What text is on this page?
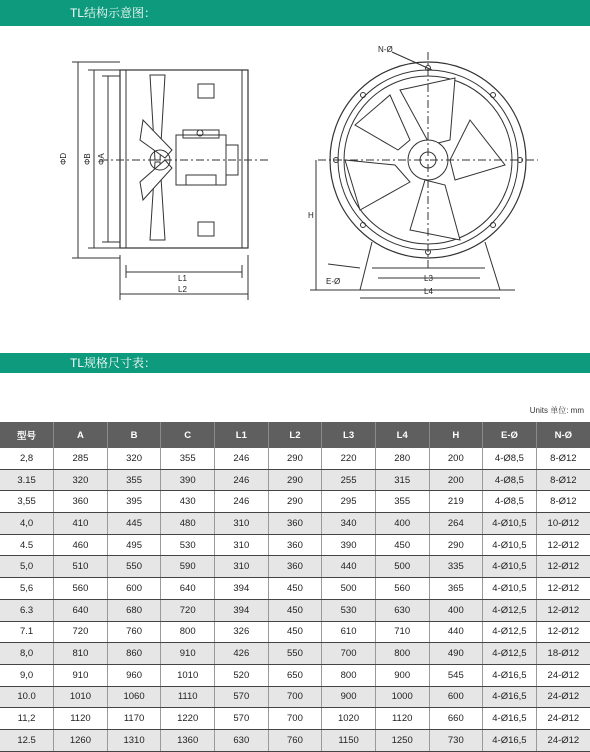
TL结构示意图：
ΦD ΦB ΦA
L1
L2
N-Ø
H
E-Ø	L3
L4
TL规格尺寸表：
Units 单位: mm
型号	A	B	C	L1	L2	L3	L4	H	E-Ø	N-Ø
2,8	285	320	355	246	290	220	280	200	4-Ø8,5	8-Ø12
3.15	320	355	390	246	290	255	315	200	4-Ø8,5	8-Ø12
3,55	360	395	430	246	290	295	355	219	4-Ø8,5	8-Ø12
4,0	410	445	480	310	360	340	400	264	4-Ø10,5	10-Ø12
4.5	460	495	530	310	360	390	450	290	4-Ø10,5	12-Ø12
5,0	510	550	590	310	360	440	500	335	4-Ø10,5	12-Ø12
5,6	560	600	640	394	450	500	560	365	4-Ø10,5	12-Ø12
6.3	640	680	720	394	450	530	630	400	4-Ø12,5	12-Ø12
7.1	720	760	800	326	450	610	710	440	4-Ø12,5	12-Ø12
8,0	810	860	910	426	550	700	800	490	4-Ø12,5	18-Ø12
9,0	910	960	1010	520	650	800	900	545	4-Ø16,5	24-Ø12
10.0	1010	1060	1110	570	700	900	1000	600	4-Ø16,5	24-Ø12
11,2	1120	1170	1220	570	700	1020	1120	660	4-Ø16,5	24-Ø12
12.5	1260	1310	1360	630	760	1150	1250	730	4-Ø16,5	24-Ø12
